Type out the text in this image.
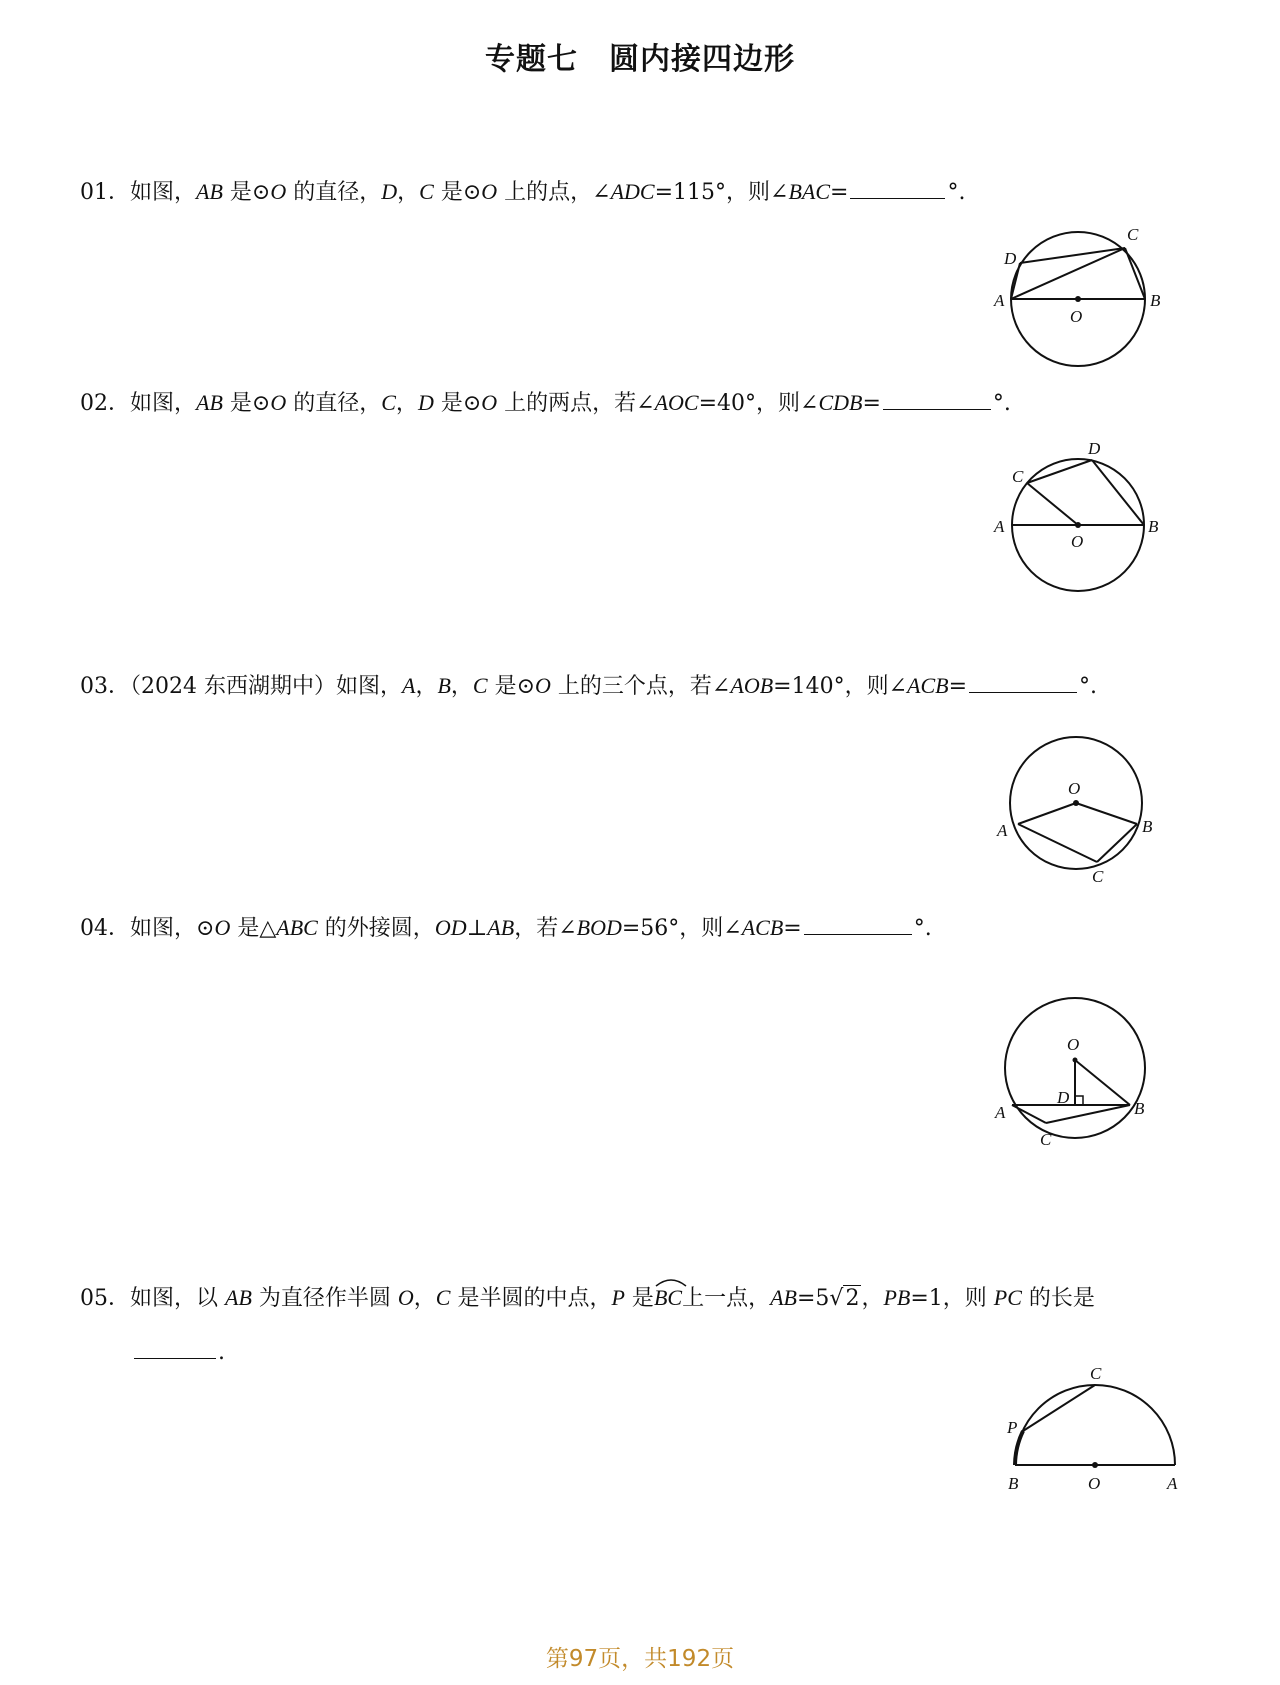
专题七　圆内接四边形
01．如图，AB 是⊙O 的直径，D，C 是⊙O 上的点，∠ADC=115°，则∠BAC=	°.
A	B
C
D
O
02．如图，AB 是⊙O 的直径，C，D 是⊙O 上的两点，若∠AOC=40°，则∠CDB=	°.
A	B
C
D
O
03．（2024 东西湖期中）如图，A，B，C 是⊙O 上的三个点，若∠AOB=140°，则∠ACB=	°.
A	B
C
O
04．如图，⊙O 是△ABC 的外接圆，OD⊥AB，若∠BOD=56°，则∠ACB=	°.
A	B
C
D
O
05．如图，以 AB 为直径作半圆 O，C 是半圆的中点，P 是
BC上一点，AB=5√2，PB=1，则 PC 的长是
.
B	A
C
P
O
第97页，共192页
